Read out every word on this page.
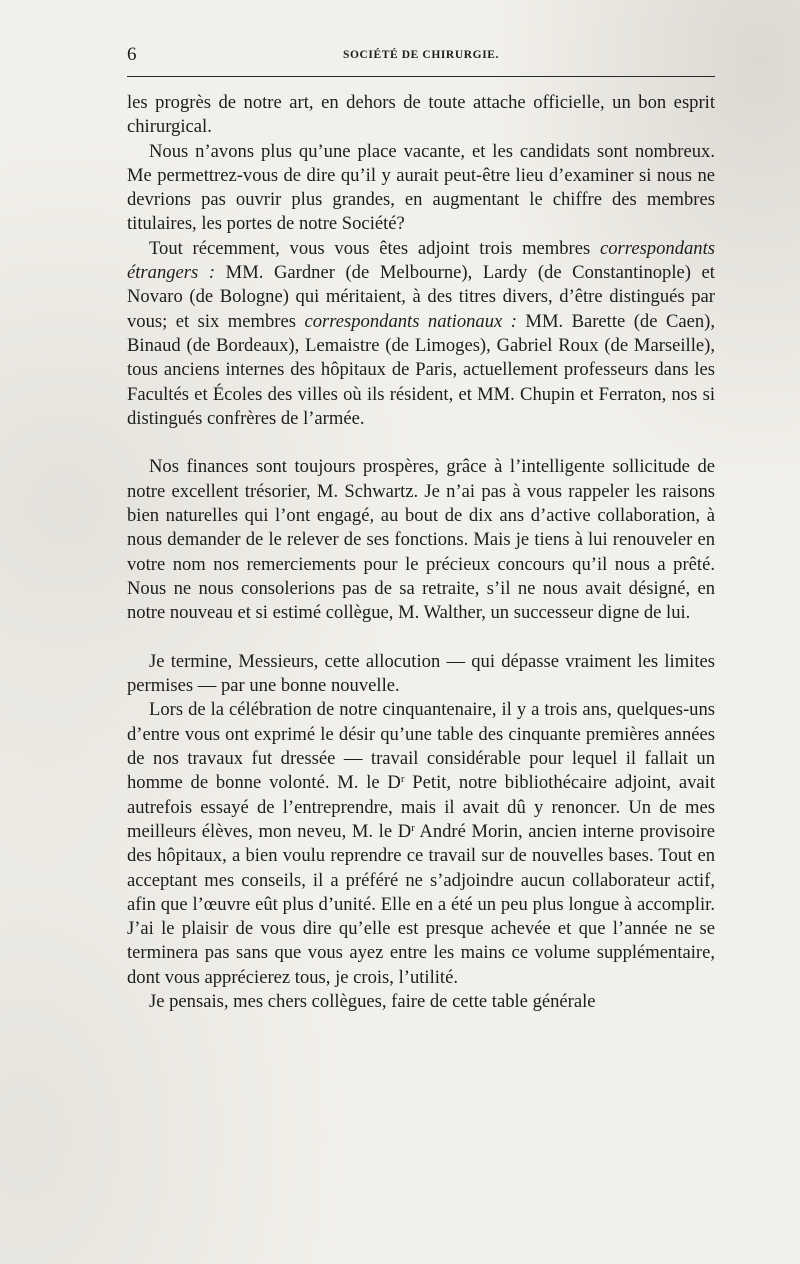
6	SOCIÉTÉ DE CHIRURGIE.

les progrès de notre art, en dehors de toute attache officielle, un bon esprit chirurgical.

Nous n’avons plus qu’une place vacante, et les candidats sont nombreux. Me permettrez-vous de dire qu’il y aurait peut-être lieu d’examiner si nous ne devrions pas ouvrir plus grandes, en augmentant le chiffre des membres titulaires, les portes de notre Société?

Tout récemment, vous vous êtes adjoint trois membres correspondants étrangers : MM. Gardner (de Melbourne), Lardy (de Constantinople) et Novaro (de Bologne) qui méritaient, à des titres divers, d’être distingués par vous; et six membres correspondants nationaux : MM. Barette (de Caen), Binaud (de Bordeaux), Lemaistre (de Limoges), Gabriel Roux (de Marseille), tous anciens internes des hôpitaux de Paris, actuellement professeurs dans les Facultés et Écoles des villes où ils résident, et MM. Chupin et Ferraton, nos si distingués confrères de l’armée.

Nos finances sont toujours prospères, grâce à l’intelligente sollicitude de notre excellent trésorier, M. Schwartz. Je n’ai pas à vous rappeler les raisons bien naturelles qui l’ont engagé, au bout de dix ans d’active collaboration, à nous demander de le relever de ses fonctions. Mais je tiens à lui renouveler en votre nom nos remerciements pour le précieux concours qu’il nous a prêté. Nous ne nous consolerions pas de sa retraite, s’il ne nous avait désigné, en notre nouveau et si estimé collègue, M. Walther, un successeur digne de lui.

Je termine, Messieurs, cette allocution — qui dépasse vraiment les limites permises — par une bonne nouvelle.

Lors de la célébration de notre cinquantenaire, il y a trois ans, quelques-uns d’entre vous ont exprimé le désir qu’une table des cinquante premières années de nos travaux fut dressée — travail considérable pour lequel il fallait un homme de bonne volonté. M. le $D^r$ Petit, notre bibliothécaire adjoint, avait autrefois essayé de l’entreprendre, mais il avait dû y renoncer. Un de mes meilleurs élèves, mon neveu, M. le $D^r$ André Morin, ancien interne provisoire des hôpitaux, a bien voulu reprendre ce travail sur de nouvelles bases. Tout en acceptant mes conseils, il a préféré ne s’adjoindre aucun collaborateur actif, afin que l’œuvre eût plus d’unité. Elle en a été un peu plus longue à accomplir. J’ai le plaisir de vous dire qu’elle est presque achevée et que l’année ne se terminera pas sans que vous ayez entre les mains ce volume supplémentaire, dont vous apprécierez tous, je crois, l’utilité.

Je pensais, mes chers collègues, faire de cette table générale
